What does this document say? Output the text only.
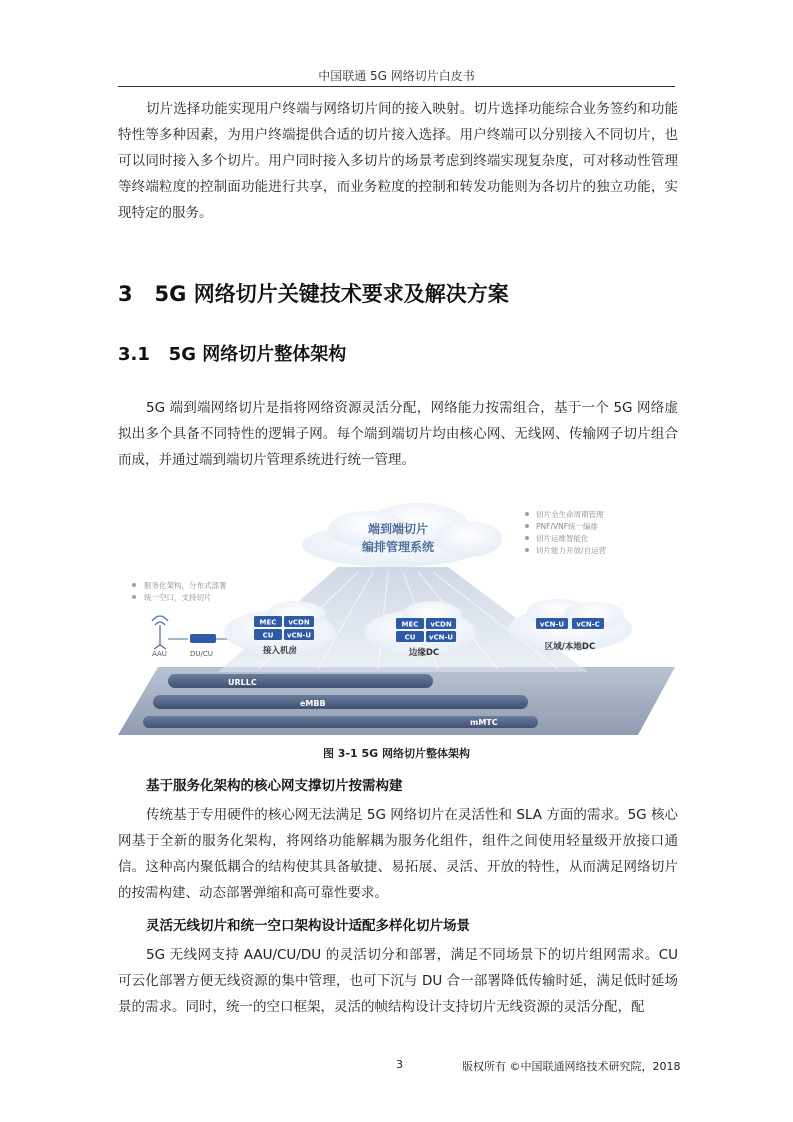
中国联通 5G 网络切片白皮书

切片选择功能实现用户终端与网络切片间的接入映射。切片选择功能综合业务签约和功能特性等多种因素，为用户终端提供合适的切片接入选择。用户终端可以分别接入不同切片，也可以同时接入多个切片。用户同时接入多切片的场景考虑到终端实现复杂度，可对移动性管理等终端粒度的控制面功能进行共享，而业务粒度的控制和转发功能则为各切片的独立功能，实现特定的服务。

3   5G 网络切片关键技术要求及解决方案
3.1   5G 网络切片整体架构

5G 端到端网络切片是指将网络资源灵活分配，网络能力按需组合，基于一个 5G 网络虚拟出多个具备不同特性的逻辑子网。每个端到端切片均由核心网、无线网、传输网子切片组合而成，并通过端到端切片管理系统进行统一管理。

URLLC
eMBB
mMTC
端到端切片
编排管理系统
切片全生命周期管理
PNF/VNF统一编排
切片运维智能化
切片能力开放/自运营
服务化架构，分布式部署
统一空口，支持切片
AAU	DU/CU
MEC vCDN
CU vCN-U
接入机房
MEC vCDN
CU vCN-U
边缘DC
vCN-U vCN-C
区域/本地DC
图 3-1 5G 网络切片整体架构
基于服务化架构的核心网支撑切片按需构建

传统基于专用硬件的核心网无法满足 5G 网络切片在灵活性和 SLA 方面的需求。5G 核心网基于全新的服务化架构，将网络功能解耦为服务化组件，组件之间使用轻量级开放接口通信。这种高内聚低耦合的结构使其具备敏捷、易拓展、灵活、开放的特性，从而满足网络切片的按需构建、动态部署弹缩和高可靠性要求。

灵活无线切片和统一空口架构设计适配多样化切片场景

5G 无线网支持 AAU/CU/DU 的灵活切分和部署，满足不同场景下的切片组网需求。CU 可云化部署方便无线资源的集中管理，也可下沉与 DU 合一部署降低传输时延，满足低时延场景的需求。同时，统一的空口框架，灵活的帧结构设计支持切片无线资源的灵活分配，配

3	版权所有 ©中国联通网络技术研究院，2018
